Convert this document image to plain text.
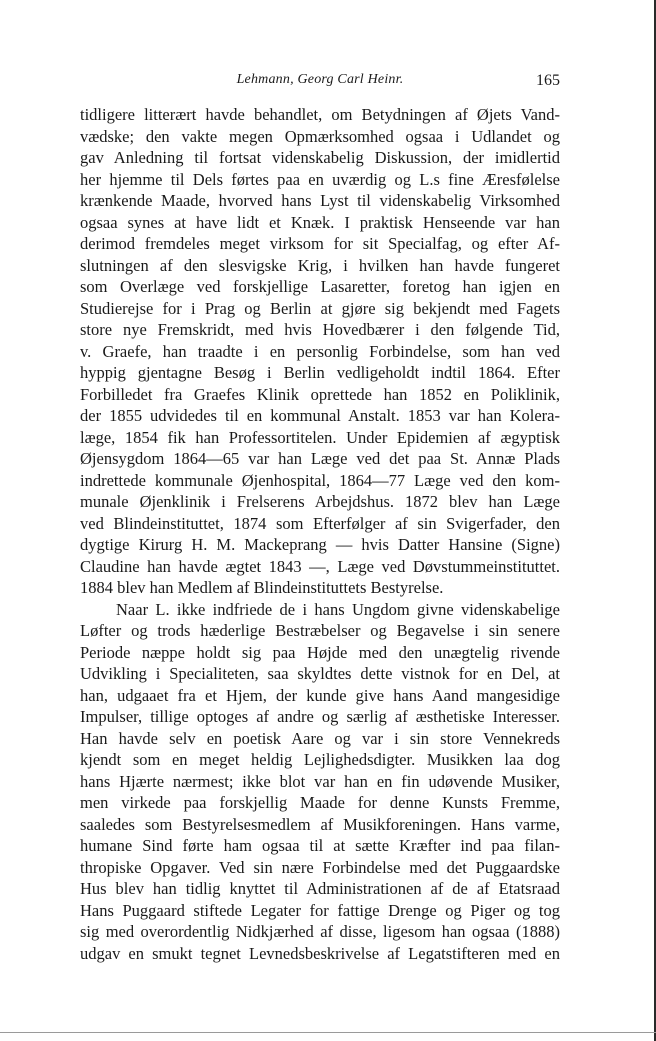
Lehmann, Georg Carl Heinr.	165
tidligere litterært havde behandlet, om Betydningen af Øjets Vand-
vædske; den vakte megen Opmærksomhed ogsaa i Udlandet og
gav Anledning til fortsat videnskabelig Diskussion, der imidlertid
her hjemme til Dels førtes paa en uværdig og L.s fine Æresfølelse
krænkende Maade, hvorved hans Lyst til videnskabelig Virksomhed
ogsaa synes at have lidt et Knæk. I praktisk Henseende var han
derimod fremdeles meget virksom for sit Specialfag, og efter Af-
slutningen af den slesvigske Krig, i hvilken han havde fungeret
som Overlæge ved forskjellige Lasaretter, foretog han igjen en
Studierejse for i Prag og Berlin at gjøre sig bekjendt med Fagets
store nye Fremskridt, med hvis Hovedbærer i den følgende Tid,
v. Graefe, han traadte i en personlig Forbindelse, som han ved
hyppig gjentagne Besøg i Berlin vedligeholdt indtil 1864. Efter
Forbilledet fra Graefes Klinik oprettede han 1852 en Poliklinik,
der 1855 udvidedes til en kommunal Anstalt. 1853 var han Kolera-
læge, 1854 fik han Professortitelen. Under Epidemien af ægyptisk
Øjensygdom 1864—65 var han Læge ved det paa St. Annæ Plads
indrettede kommunale Øjenhospital, 1864—77 Læge ved den kom-
munale Øjenklinik i Frelserens Arbejdshus. 1872 blev han Læge
ved Blindeinstituttet, 1874 som Efterfølger af sin Svigerfader, den
dygtige Kirurg H. M. Mackeprang — hvis Datter Hansine (Signe)
Claudine han havde ægtet 1843 —, Læge ved Døvstummeinstituttet.
1884 blev han Medlem af Blindeinstituttets Bestyrelse.
Naar L. ikke indfriede de i hans Ungdom givne videnskabelige
Løfter og trods hæderlige Bestræbelser og Begavelse i sin senere
Periode næppe holdt sig paa Højde med den unægtelig rivende
Udvikling i Specialiteten, saa skyldtes dette vistnok for en Del, at
han, udgaaet fra et Hjem, der kunde give hans Aand mangesidige
Impulser, tillige optoges af andre og særlig af æsthetiske Interesser.
Han havde selv en poetisk Aare og var i sin store Vennekreds
kjendt som en meget heldig Lejlighedsdigter. Musikken laa dog
hans Hjærte nærmest; ikke blot var han en fin udøvende Musiker,
men virkede paa forskjellig Maade for denne Kunsts Fremme,
saaledes som Bestyrelsesmedlem af Musikforeningen. Hans varme,
humane Sind førte ham ogsaa til at sætte Kræfter ind paa filan-
thropiske Opgaver. Ved sin nære Forbindelse med det Puggaardske
Hus blev han tidlig knyttet til Administrationen af de af Etatsraad
Hans Puggaard stiftede Legater for fattige Drenge og Piger og tog
sig med overordentlig Nidkjærhed af disse, ligesom han ogsaa (1888)
udgav en smukt tegnet Levnedsbeskrivelse af Legatstifteren med en
